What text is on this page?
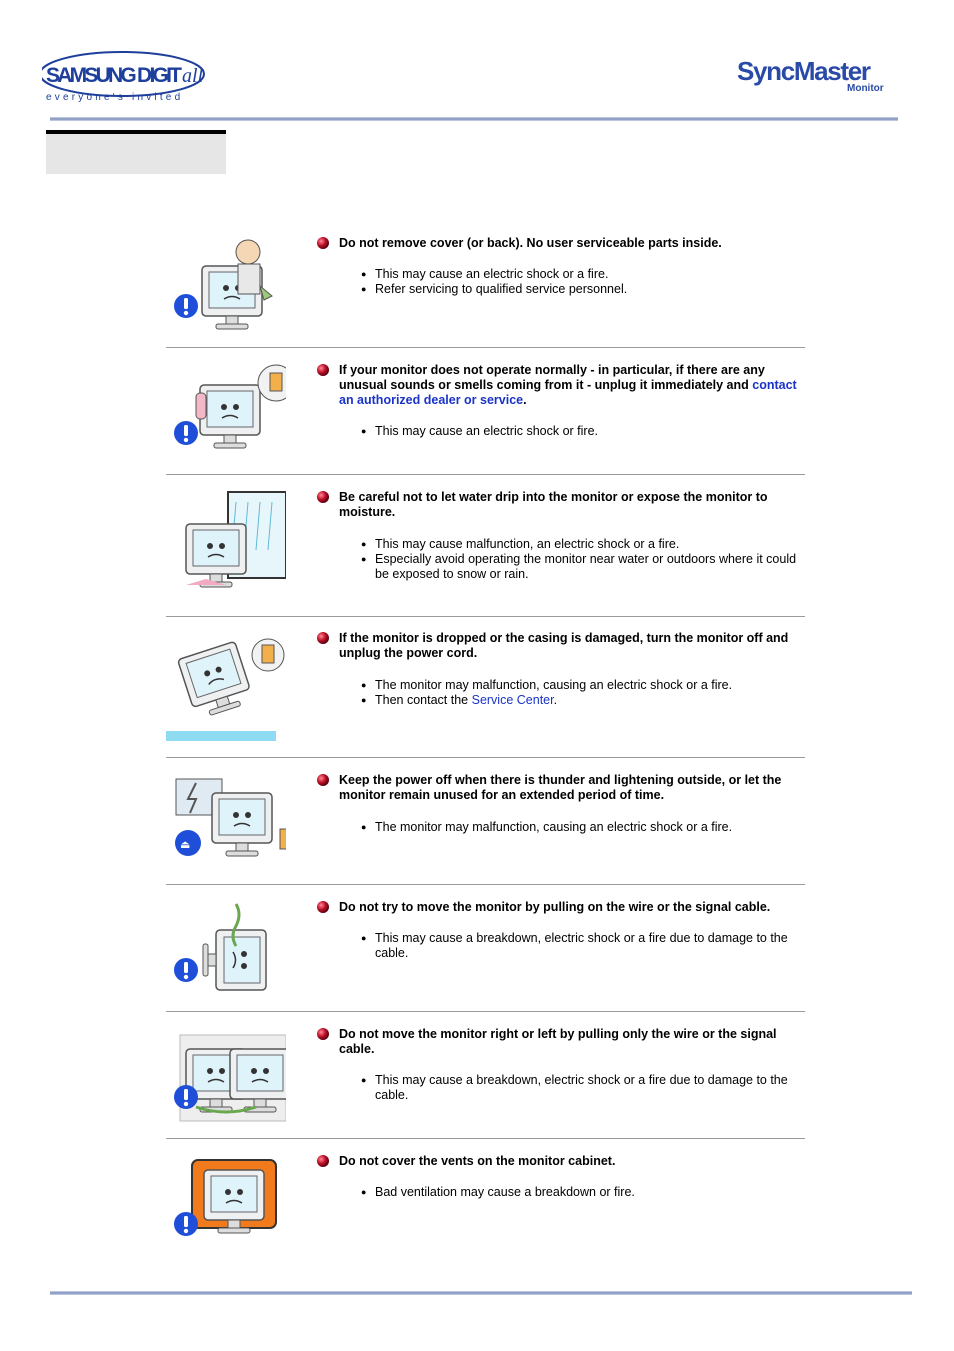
SAMSUNG DIGIT all
everyone's invited
SyncMaster
Monitor
Do not remove cover (or back). No user serviceable parts inside.
● This may cause an electric shock or a fire.
● Refer servicing to qualified service personnel.
If your monitor does not operate normally - in particular, if there are any unusual sounds or smells coming from it - unplug it immediately and contact an authorized dealer or service.
● This may cause an electric shock or fire.
Be careful not to let water drip into the monitor or expose the monitor to moisture.
● This may cause malfunction, an electric shock or a fire.
● Especially avoid operating the monitor near water or outdoors where it could be exposed to snow or rain.
If the monitor is dropped or the casing is damaged, turn the monitor off and unplug the power cord.
● The monitor may malfunction, causing an electric shock or a fire.
● Then contact the Service Center.
⏏
Keep the power off when there is thunder and lightening outside, or let the monitor remain unused for an extended period of time.
● The monitor may malfunction, causing an electric shock or a fire.
Do not try to move the monitor by pulling on the wire or the signal cable.
● This may cause a breakdown, electric shock or a fire due to damage to the cable.
Do not move the monitor right or left by pulling only the wire or the signal cable.
● This may cause a breakdown, electric shock or a fire due to damage to the cable.
Do not cover the vents on the monitor cabinet.
● Bad ventilation may cause a breakdown or fire.
